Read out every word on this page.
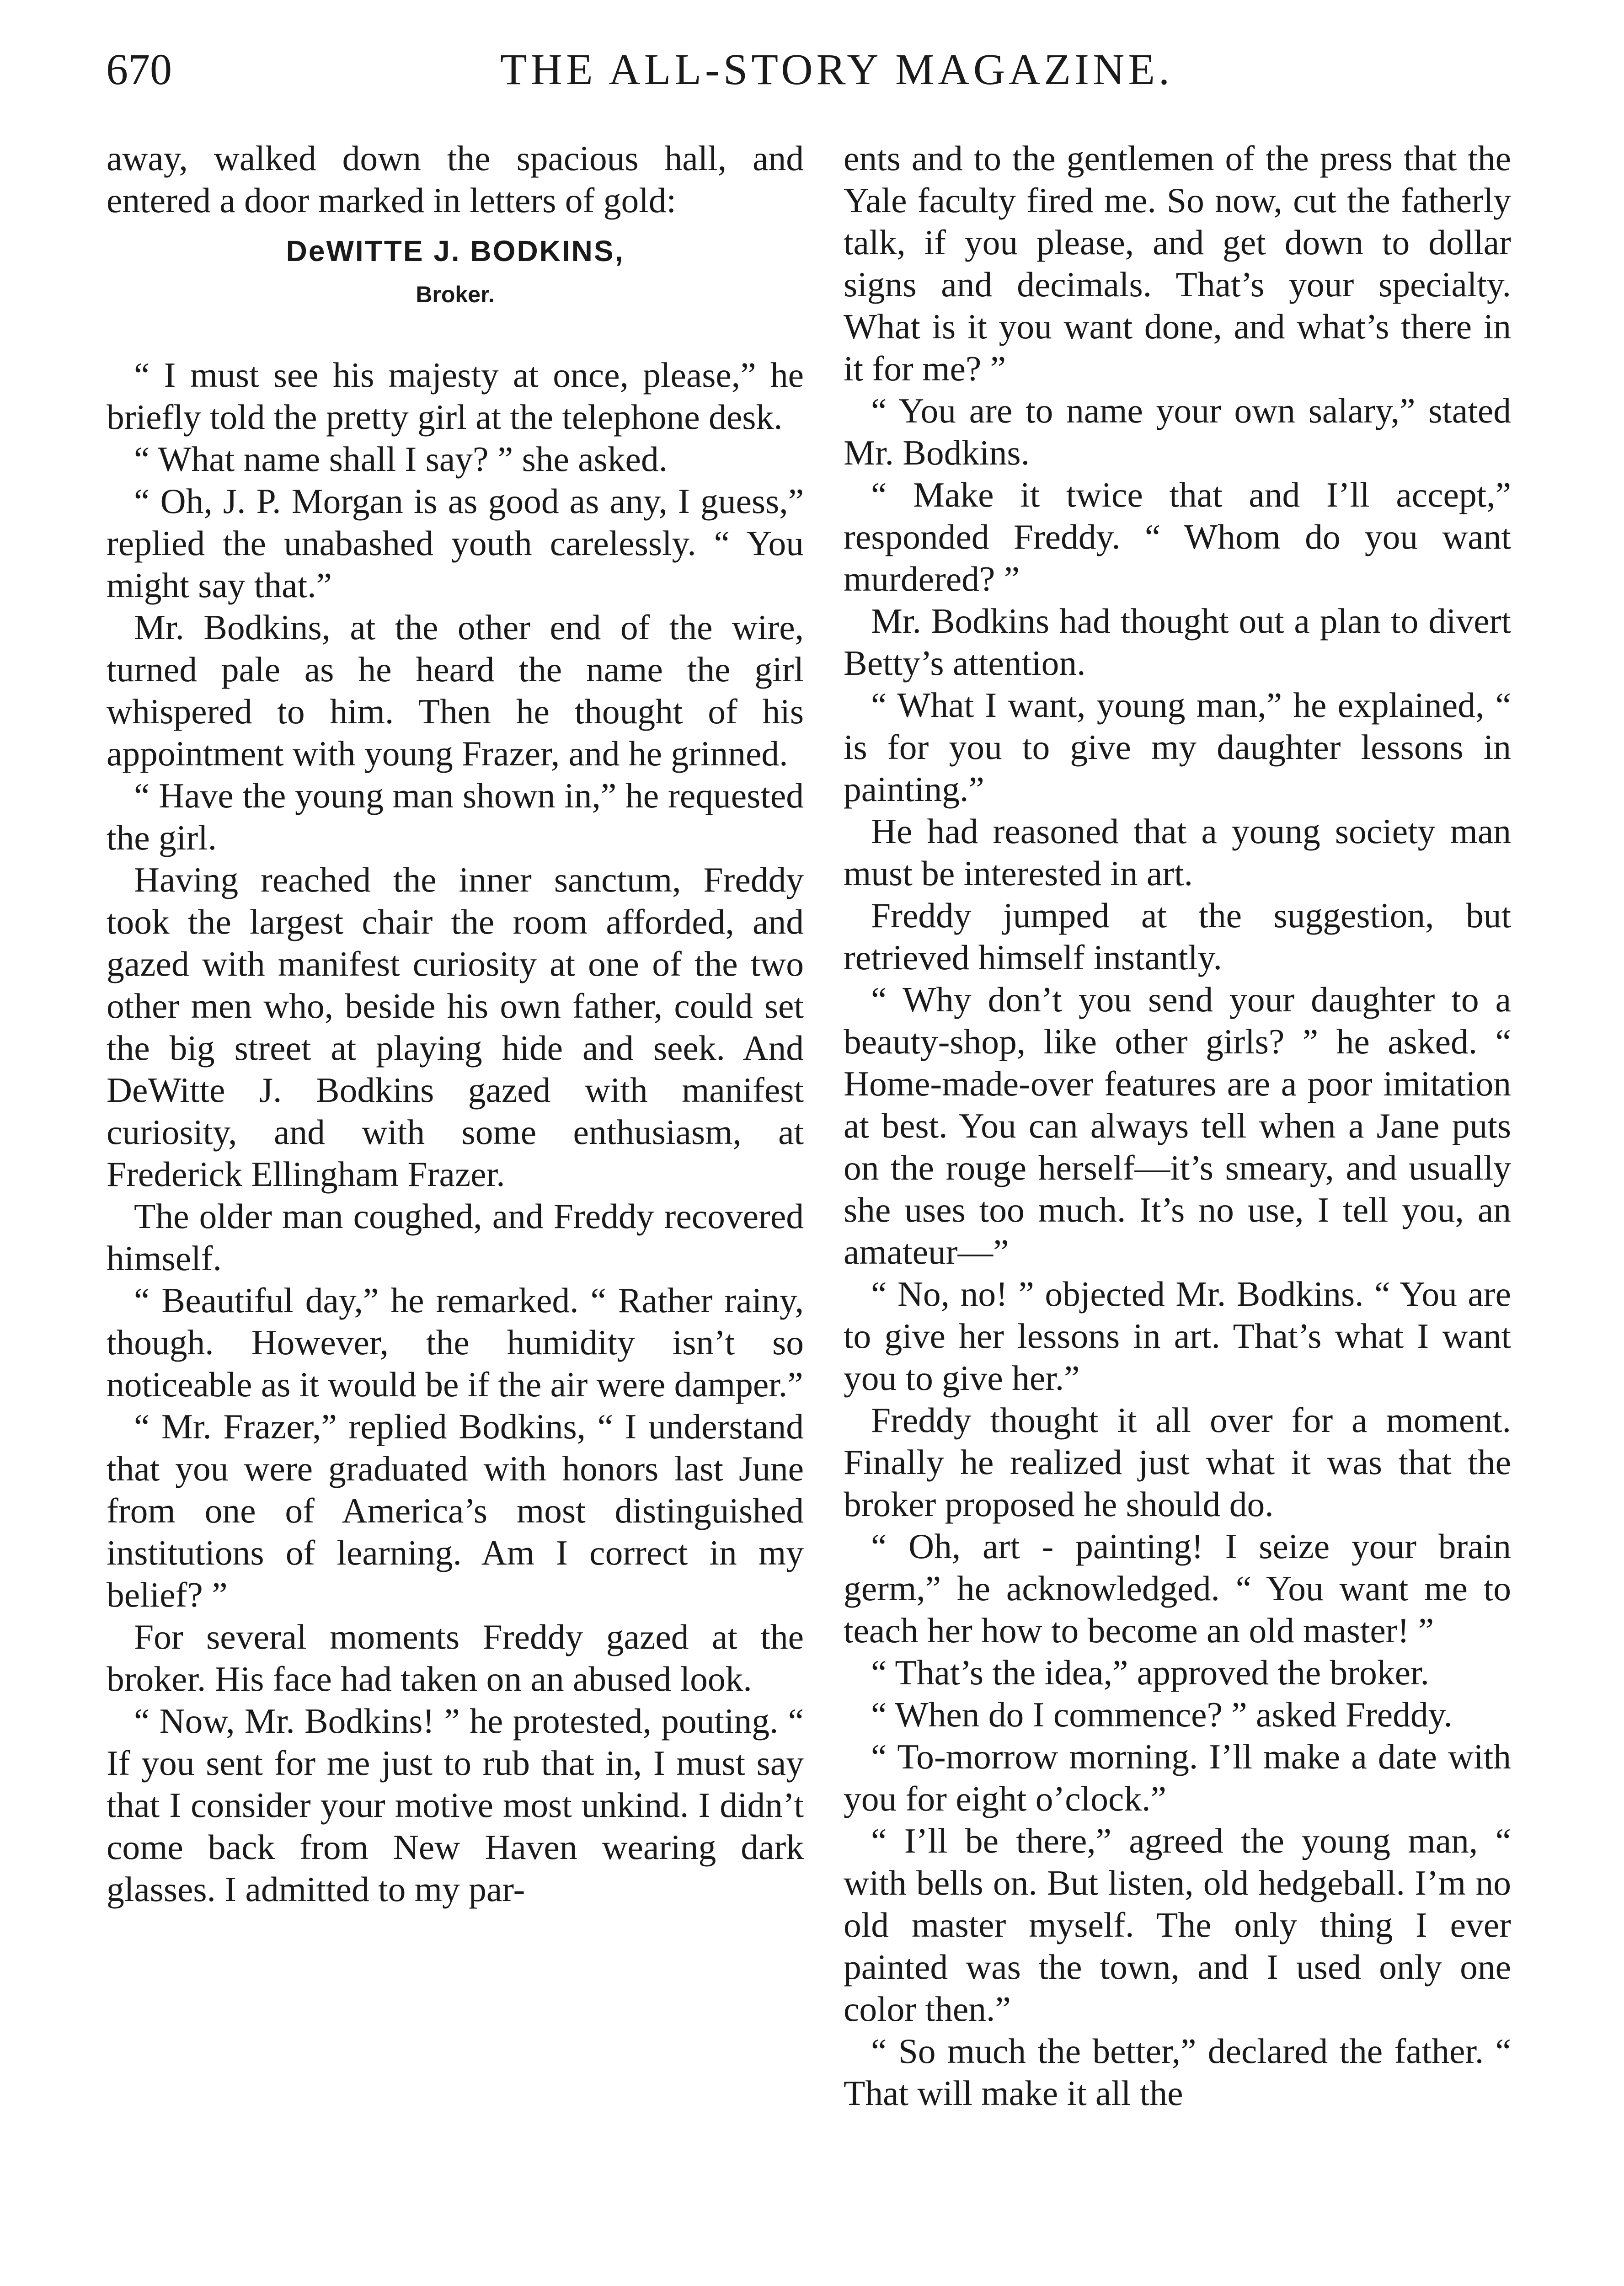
670	THE ALL-STORY MAGAZINE.

away, walked down the spacious hall, and entered a door marked in letters of gold:

DeWITTE J. BODKINS,
Broker.

“ I must see his majesty at once, please,” he briefly told the pretty girl at the telephone desk.

“ What name shall I say? ” she asked.

“ Oh, J. P. Morgan is as good as any, I guess,” replied the unabashed youth carelessly. “ You might say that.”

Mr. Bodkins, at the other end of the wire, turned pale as he heard the name the girl whispered to him. Then he thought of his appointment with young Frazer, and he grinned.

“ Have the young man shown in,” he requested the girl.

Having reached the inner sanctum, Freddy took the largest chair the room afforded, and gazed with manifest curiosity at one of the two other men who, beside his own father, could set the big street at playing hide and seek. And DeWitte J. Bodkins gazed with manifest curiosity, and with some enthusiasm, at Frederick Ellingham Frazer.

The older man coughed, and Freddy recovered himself.

“ Beautiful day,” he remarked. “ Rather rainy, though. However, the humidity isn’t so noticeable as it would be if the air were damper.”

“ Mr. Frazer,” replied Bodkins, “ I understand that you were graduated with honors last June from one of America’s most distinguished institutions of learning. Am I correct in my belief? ”

For several moments Freddy gazed at the broker. His face had taken on an abused look.

“ Now, Mr. Bodkins! ” he protested, pouting. “ If you sent for me just to rub that in, I must say that I consider your motive most unkind. I didn’t come back from New Haven wearing dark glasses. I admitted to my par-

ents and to the gentlemen of the press that the Yale faculty fired me. So now, cut the fatherly talk, if you please, and get down to dollar signs and decimals. That’s your specialty. What is it you want done, and what’s there in it for me? ”

“ You are to name your own salary,” stated Mr. Bodkins.

“ Make it twice that and I’ll accept,” responded Freddy. “ Whom do you want murdered? ”

Mr. Bodkins had thought out a plan to divert Betty’s attention.

“ What I want, young man,” he explained, “ is for you to give my daughter lessons in painting.”

He had reasoned that a young society man must be interested in art.

Freddy jumped at the suggestion, but retrieved himself instantly.

“ Why don’t you send your daughter to a beauty-shop, like other girls? ” he asked. “ Home-made-over features are a poor imitation at best. You can always tell when a Jane puts on the rouge herself—it’s smeary, and usually she uses too much. It’s no use, I tell you, an amateur—”

“ No, no! ” objected Mr. Bodkins. “ You are to give her lessons in art. That’s what I want you to give her.”

Freddy thought it all over for a moment. Finally he realized just what it was that the broker proposed he should do.

“ Oh, art - painting! I seize your brain germ,” he acknowledged. “ You want me to teach her how to become an old master! ”

“ That’s the idea,” approved the broker.

“ When do I commence? ” asked Freddy.

“ To-morrow morning. I’ll make a date with you for eight o’clock.”

“ I’ll be there,” agreed the young man, “ with bells on. But listen, old hedgeball. I’m no old master myself. The only thing I ever painted was the town, and I used only one color then.”

“ So much the better,” declared the father. “ That will make it all the
